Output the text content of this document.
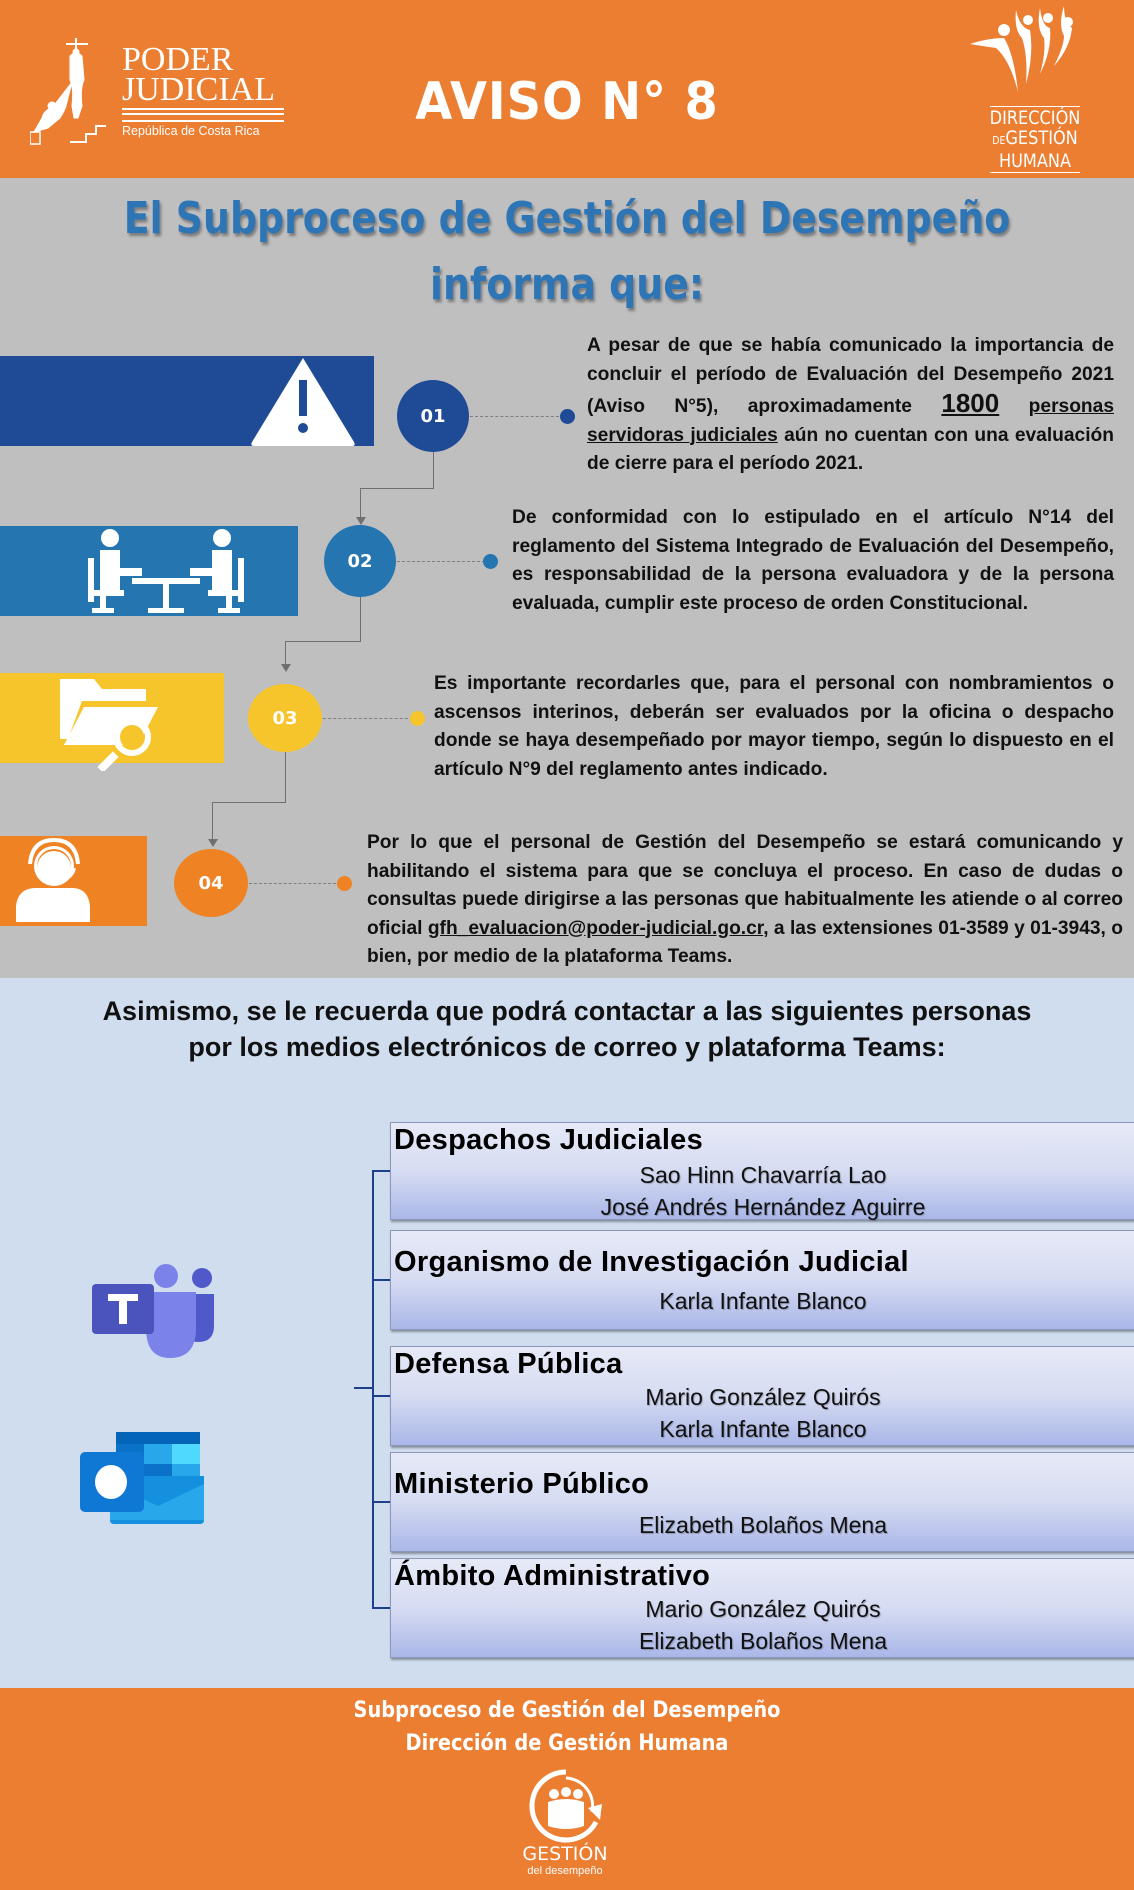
PODER
JUDICIAL
República de Costa Rica	AVISO N° 8	DIRECCIÓN
DEGESTIÓN
HUMANA
El Subproceso de Gestión del Desempeño
informa que:
01
A pesar de que se había comunicado la importancia de concluir el período de Evaluación del Desempeño 2021 (Aviso N°5), aproximadamente 1800 personas servidoras judiciales aún no cuentan con una evaluación de cierre para el período 2021.
02
De conformidad con lo estipulado en el artículo N°14 del reglamento del Sistema Integrado de Evaluación del Desempeño, es responsabilidad de la persona evaluadora y de la persona evaluada, cumplir este proceso de orden Constitucional.
03
Es importante recordarles que, para el personal con nombramientos o ascensos interinos, deberán ser evaluados por la oficina o despacho donde se haya desempeñado por mayor tiempo, según lo dispuesto en el artículo N°9 del reglamento antes indicado.
04
Por lo que el personal de Gestión del Desempeño se estará comunicando y habilitando el sistema para que se concluya el proceso. En caso de dudas o consultas puede dirigirse a las personas que habitualmente les atiende o al correo oficial gfh_evaluacion@poder-judicial.go.cr, a las extensiones 01-3589 y 01-3943, o bien, por medio de la plataforma Teams.
Asimismo, se le recuerda que podrá contactar a las siguientes personas
por los medios electrónicos de correo y plataforma Teams:
Despachos Judiciales
Sao Hinn Chavarría Lao
José Andrés Hernández Aguirre
Organismo de Investigación Judicial
Karla Infante Blanco
Defensa Pública
Mario González Quirós
Karla Infante Blanco
Ministerio Público
Elizabeth Bolaños Mena
Ámbito Administrativo
Mario González Quirós
Elizabeth Bolaños Mena
Subproceso de Gestión del Desempeño
Dirección de Gestión Humana
GESTIÓN
del desempeño
